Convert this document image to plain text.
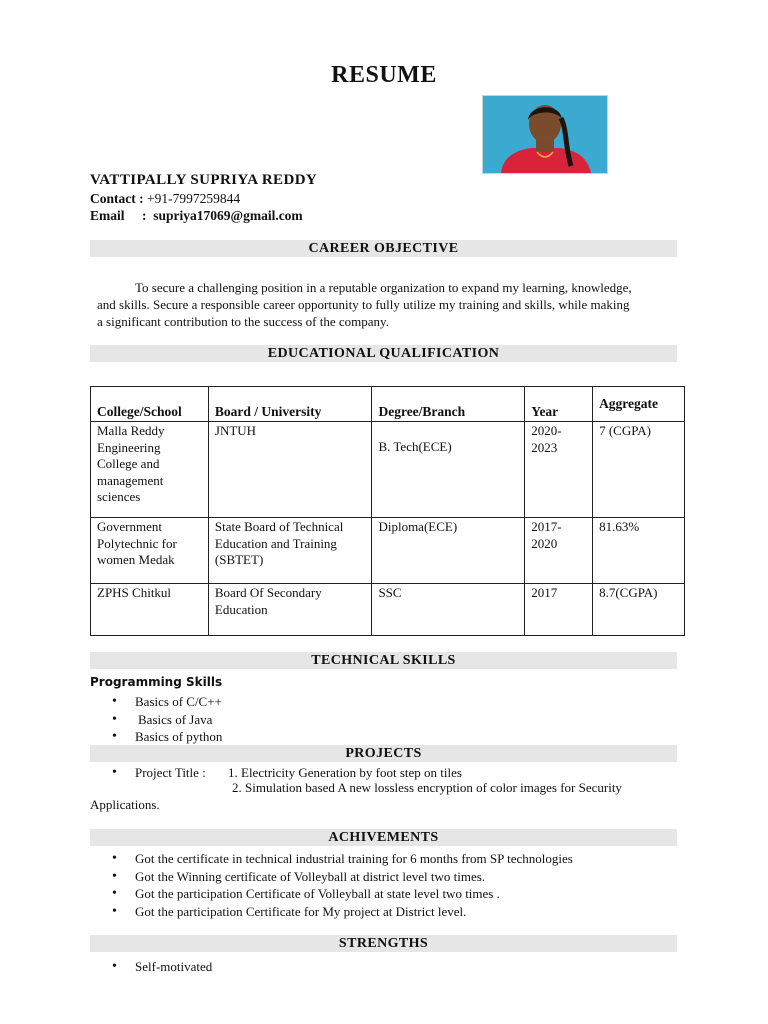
RESUME
VATTIPALLY SUPRIYA REDDY
Contact : +91-7997259844
Email : supriya17069@gmail.com
CAREER OBJECTIVE
To secure a challenging position in a reputable organization to expand my learning, knowledge,
and skills. Secure a responsible career opportunity to fully utilize my training and skills, while making
a significant contribution to the success of the company.
EDUCATIONAL QUALIFICATION
College/School	Board / University	Degree/Branch	Year	Aggregate
Malla Reddy Engineering College and management sciences	JNTUH	B. Tech(ECE)	2020-2023	7 (CGPA)
Government Polytechnic for women Medak	State Board of Technical Education and Training (SBTET)	Diploma(ECE)	2017-2020	81.63%
ZPHS Chitkul	Board Of Secondary Education	SSC	2017	8.7(CGPA)
TECHNICAL SKILLS
Programming Skills
• Basics of C/C++
• Basics of Java
• Basics of python
PROJECTS
• Project Title : 1. Electricity Generation by foot step on tiles
2. Simulation based A new lossless encryption of color images for Security
Applications.
ACHIVEMENTS
• Got the certificate in technical industrial training for 6 months from SP technologies
• Got the Winning certificate of Volleyball at district level two times.
• Got the participation Certificate of Volleyball at state level two times .
• Got the participation Certificate for My project at District level.
STRENGTHS
• Self-motivated
